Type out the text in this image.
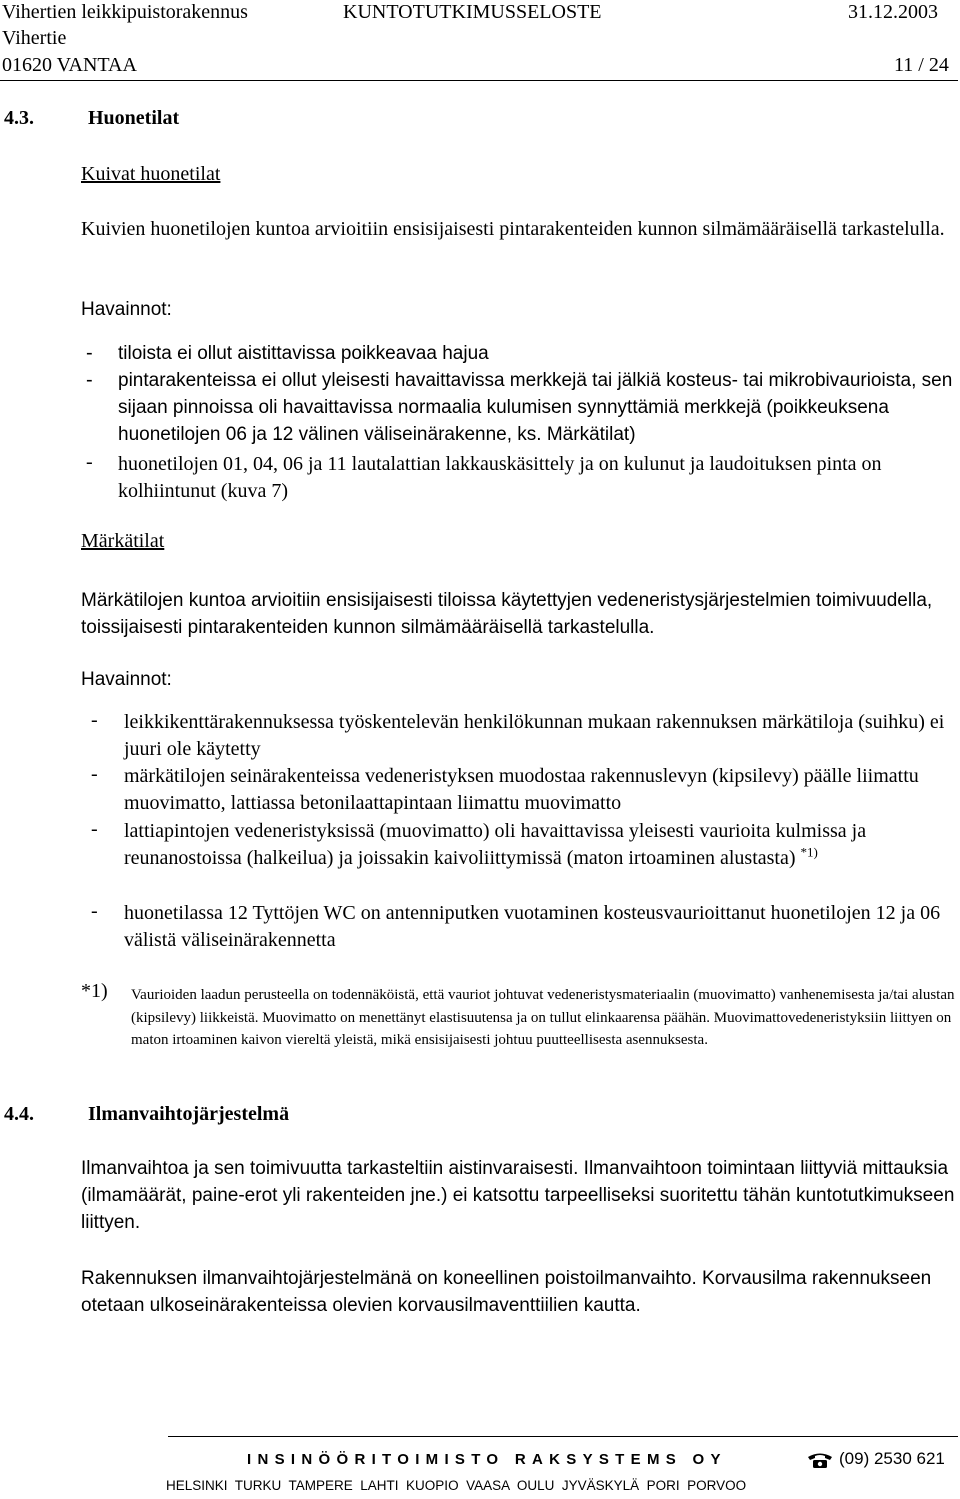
Vihertien leikkipuistorakennus	KUNTOTUTKIMUSSELOSTE	31.12.2003
Vihertie
01620 VANTAA	11 / 24
4.3.	Huonetilat
Kuivat huonetilat
Kuivien huonetilojen kuntoa arvioitiin ensisijaisesti pintarakenteiden kunnon silmämääräisellä tarkastelulla.
Havainnot:
- tiloista ei ollut aistittavissa poikkeavaa hajua
- pintarakenteissa ei ollut yleisesti havaittavissa merkkejä tai jälkiä kosteus- tai mikrobivaurioista, sen sijaan pinnoissa oli havaittavissa normaalia kulumisen synnyttämiä merkkejä (poikkeuksena huonetilojen 06 ja 12 välinen väliseinärakenne, ks. Märkätilat)
- huonetilojen 01, 04, 06 ja 11 lautalattian lakkauskäsittely ja on kulunut ja laudoituksen pinta on kolhiintunut (kuva 7)
Märkätilat
Märkätilojen kuntoa arvioitiin ensisijaisesti tiloissa käytettyjen vedeneristysjärjestelmien toimivuudella, toissijaisesti pintarakenteiden kunnon silmämääräisellä tarkastelulla.
Havainnot:
- leikkikenttärakennuksessa työskentelevän henkilökunnan mukaan rakennuksen märkätiloja (suihku) ei juuri ole käytetty
- märkätilojen seinärakenteissa vedeneristyksen muodostaa rakennuslevyn (kipsilevy) päälle liimattu muovimatto, lattiassa betonilaattapintaan liimattu muovimatto
- lattiapintojen vedeneristyksissä (muovimatto) oli havaittavissa yleisesti vaurioita kulmissa ja reunanostoissa (halkeilua) ja joissakin kaivoliittymissä (maton irtoaminen alustasta) $^{*1)}$
- huonetilassa 12 Tyttöjen WC on antenniputken vuotaminen kosteusvaurioittanut huonetilojen 12 ja 06 välistä väliseinärakennetta
*1) Vaurioiden laadun perusteella on todennäköistä, että vauriot johtuvat vedeneristysmateriaalin (muovimatto) vanhenemisesta ja/tai alustan (kipsilevy) liikkeistä. Muovimatto on menettänyt elastisuutensa ja on tullut elinkaarensa päähän. Muovimattovedeneristyksiin liittyen on maton irtoaminen kaivon viereltä yleistä, mikä ensisijaisesti johtuu puutteellisesta asennuksesta.
4.4.	Ilmanvaihtojärjestelmä
Ilmanvaihtoa ja sen toimivuutta tarkasteltiin aistinvaraisesti. Ilmanvaihtoon toimintaan liittyviä mittauksia (ilmamäärät, paine-erot yli rakenteiden jne.) ei katsottu tarpeelliseksi suoritettu tähän kuntotutkimukseen liittyen.
Rakennuksen ilmanvaihtojärjestelmänä on koneellinen poistoilmanvaihto. Korvausilma rakennukseen otetaan ulkoseinärakenteissa olevien korvausilmaventtiilien kautta.
INSINÖÖRITOIMISTO RAKSYSTEMS OY	(09) 2530 621
HELSINKI  TURKU  TAMPERE  LAHTI  KUOPIO  VAASA  OULU  JYVÄSKYLÄ  PORI  PORVOO
